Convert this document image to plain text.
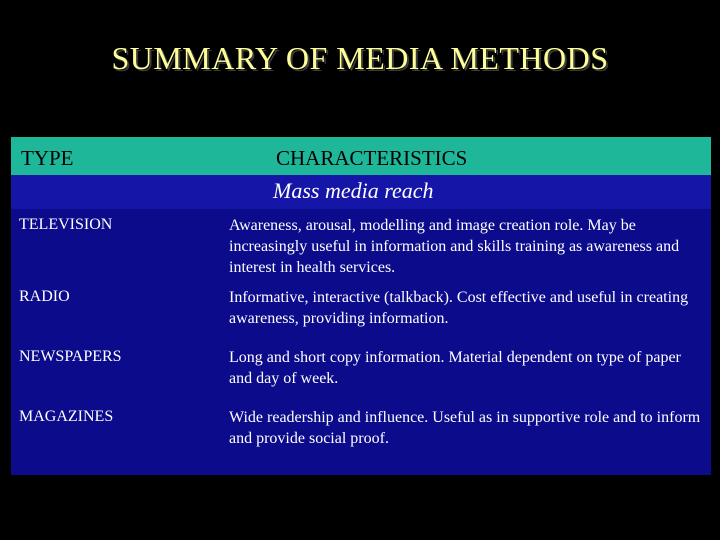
SUMMARY OF MEDIA METHODS
TYPE	CHARACTERISTICS
Mass media reach
TELEVISION	Awareness, arousal, modelling and image creation role. May be increasingly useful in information and skills training as awareness and interest in health services.
RADIO	Informative, interactive (talkback). Cost effective and useful in creating awareness, providing information.
NEWSPAPERS	Long and short copy information. Material dependent on type of paper and day of week.
MAGAZINES	Wide readership and influence. Useful as in supportive role and to inform and provide social proof.
